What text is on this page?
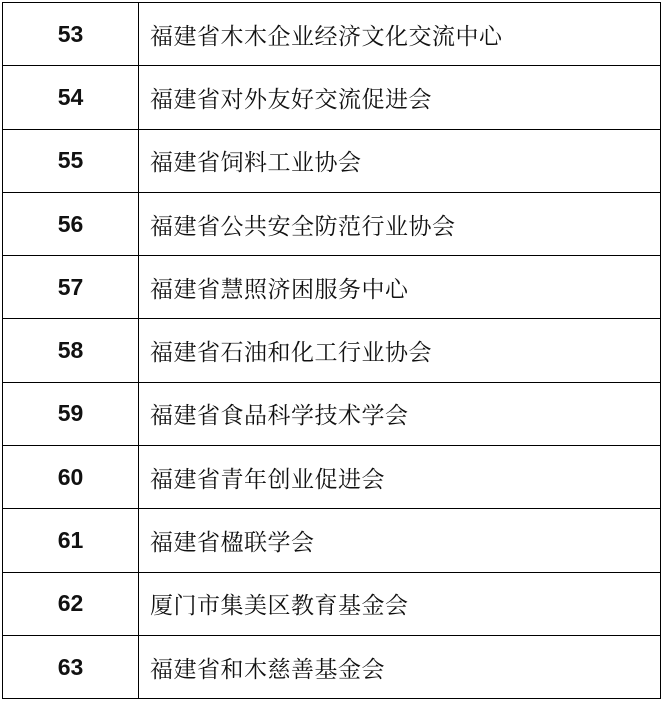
53	福建省木木企业经济文化交流中心
54	福建省对外友好交流促进会
55	福建省饲料工业协会
56	福建省公共安全防范行业协会
57	福建省慧照济困服务中心
58	福建省石油和化工行业协会
59	福建省食品科学技术学会
60	福建省青年创业促进会
61	福建省楹联学会
62	厦门市集美区教育基金会
63	福建省和木慈善基金会
